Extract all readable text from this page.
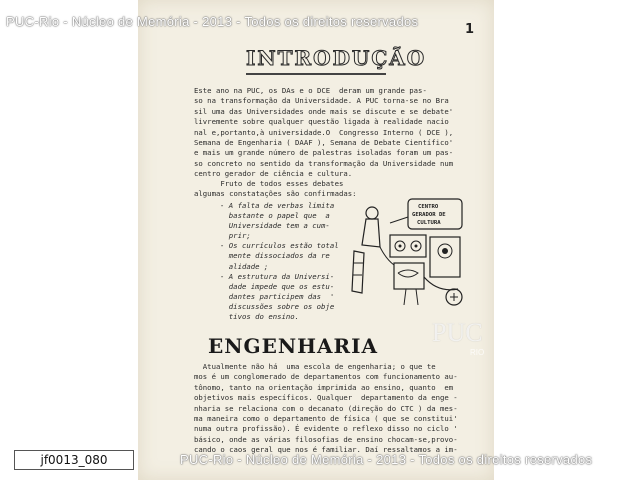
PUC-Rio - Núcleo de Memória - 2013 - Todos os direitos reservados
1
INTRODUÇÃO

Este ano na PUC, os DAs e o DCE  deram um grande pas-
so na transformação da Universidade. A PUC torna-se no Bra
sil uma das Universidades onde mais se discute e se debate'
livremente sobre qualquer questão ligada à realidade nacio
nal e,portanto,à universidade.O  Congresso Interno ( DCE ),
Semana de Engenharia ( DAAF ), Semana de Debate Científico'
e mais um grande número de palestras isoladas foram um pas-
so concreto no sentido da transformação da Universidade num
centro gerador de ciência e cultura.

Fruto de todos esses debates
algumas constatações são confirmadas:

- A falta de verbas limita
bastante o papel que  a
Universidade tem a cum-
prir;
- Os currículos estão total
mente dissociados da re
alidade ;
- A estrutura da Universi-
dade impede que os estu-
dantes participem das  '
discussões sobre os obje
tivos do ensino.

CENTRO
GERADOR DE
CULTURA
ENGENHARIA

Atualmente não há  uma escola de engenharia; o que te
mos é um conglomerado de departamentos com funcionamento au-
tônomo, tanto na orientação imprimida ao ensino, quanto  em
objetivos mais específicos. Qualquer  departamento da enge -
nharia se relaciona com o decanato (direção do CTC ) da mes-
ma maneira como o departamento de física ( que se constitui'
numa outra profissão). É evidente o reflexo disso no ciclo '
básico, onde as várias filosofias de ensino chocam-se,provo-
cando o caos geral que nos é familiar. Daí ressaltamos a im-

PUC
RIO
PUC-Rio - Núcleo de Memória - 2013 - Todos os direitos reservados
jf0013_080
